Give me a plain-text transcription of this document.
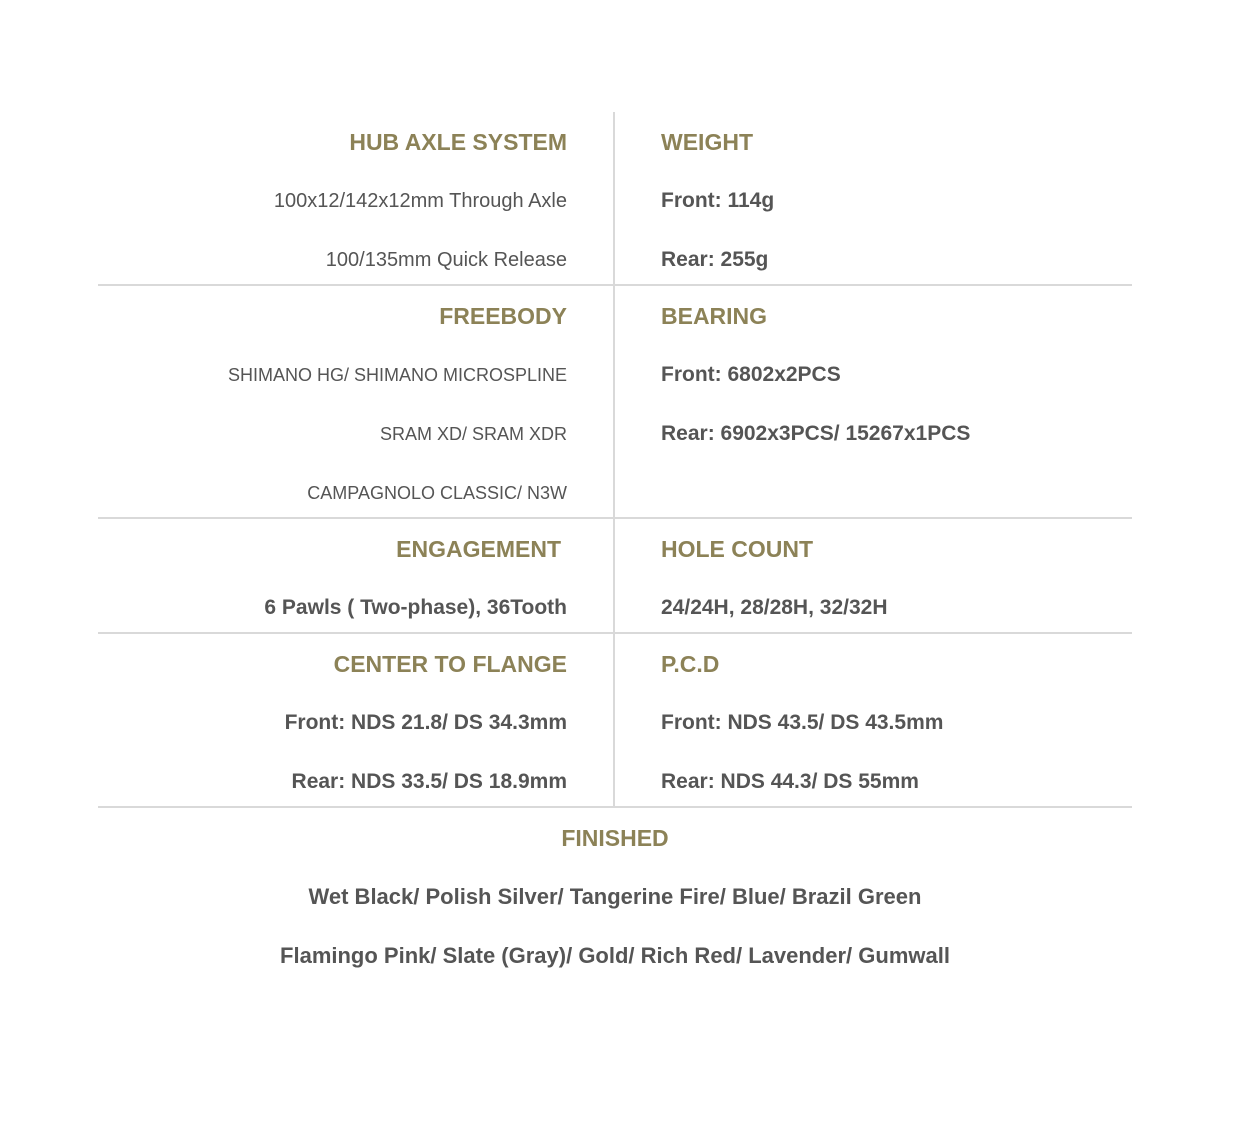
HUB AXLE SYSTEM
100x12/142x12mm Through Axle
100/135mm Quick Release
WEIGHT
Front: 114g
Rear: 255g
FREEBODY
SHIMANO HG/ SHIMANO MICROSPLINE
SRAM XD/ SRAM XDR
CAMPAGNOLO CLASSIC/ N3W
BEARING
Front: 6802x2PCS
Rear: 6902x3PCS/ 15267x1PCS
ENGAGEMENT
6 Pawls ( Two-phase), 36Tooth
HOLE COUNT
24/24H, 28/28H, 32/32H
CENTER TO FLANGE
Front: NDS 21.8/ DS 34.3mm
Rear: NDS 33.5/ DS 18.9mm
P.C.D
Front: NDS 43.5/ DS 43.5mm
Rear: NDS 44.3/ DS 55mm
FINISHED
Wet Black/ Polish Silver/ Tangerine Fire/ Blue/ Brazil Green
Flamingo Pink/ Slate (Gray)/ Gold/ Rich Red/ Lavender/ Gumwall
